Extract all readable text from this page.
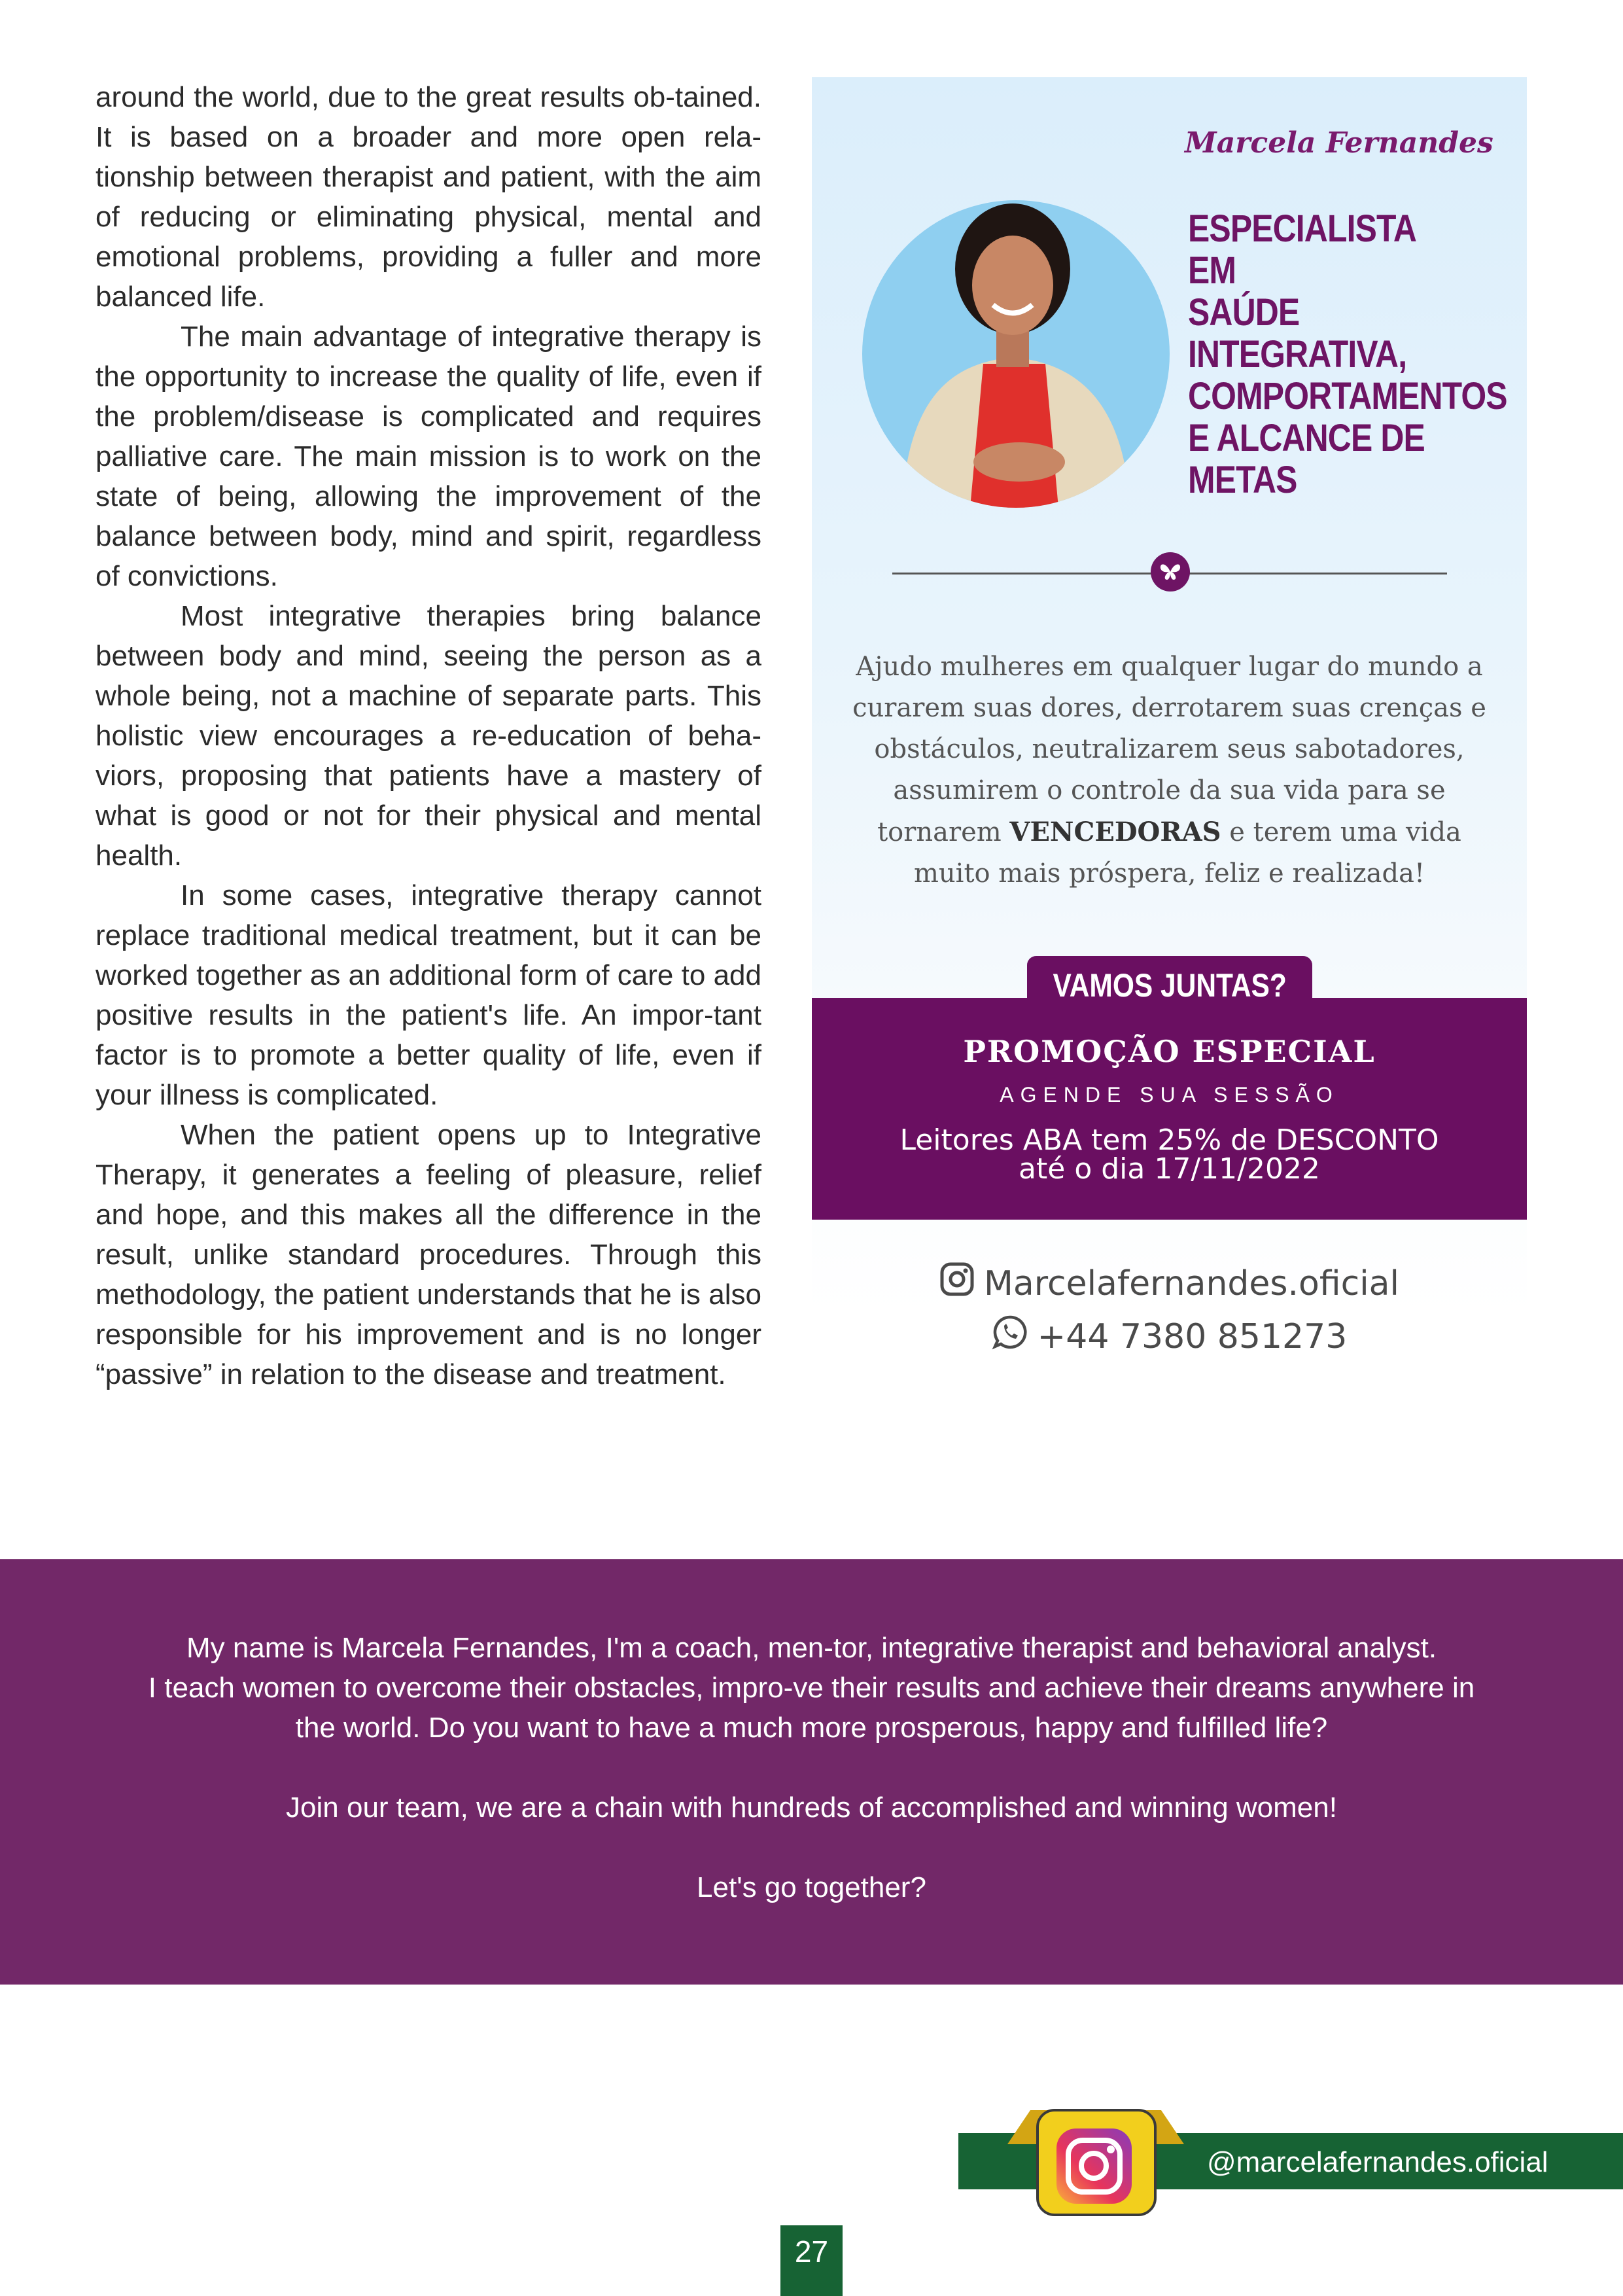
around the world, due to the great results ob-tained. It is based on a broader and more open rela-tionship between therapist and patient, with the aim of reducing or eliminating physical, mental and emotional problems, providing a fuller and more balanced life.

The main advantage of integrative therapy is the opportunity to increase the quality of life, even if the problem/disease is complicated and requires palliative care. The main mission is to work on the state of being, allowing the improvement of the balance between body, mind and spirit, regardless of convictions.

Most integrative therapies bring balance between body and mind, seeing the person as a whole being, not a machine of separate parts. This holistic view encourages a re-education of beha-viors, proposing that patients have a mastery of what is good or not for their physical and mental health.

In some cases, integrative therapy cannot replace traditional medical treatment, but it can be worked together as an additional form of care to add positive results in the patient's life. An impor-tant factor is to promote a better quality of life, even if your illness is complicated.

When the patient opens up to Integrative Therapy, it generates a feeling of pleasure, relief and hope, and this makes all the difference in the result, unlike standard procedures. Through this methodology, the patient understands that he is also responsible for his improvement and is no longer “passive” in relation to the disease and treatment.

Marcela Fernandes
ESPECIALISTA EM
SAÚDE INTEGRATIVA,
COMPORTAMENTOS
E ALCANCE DE METAS
Ajudo mulheres em qualquer lugar do mundo a curarem suas dores, derrotarem suas crenças e obstáculos, neutralizarem seus sabotadores, assumirem o controle da sua vida para se tornarem VENCEDORAS e terem uma vida muito mais próspera, feliz e realizada!
PROMOÇÃO ESPECIAL
AGENDE SUA SESSÃO
Leitores ABA tem 25% de DESCONTO
até o dia 17/11/2022
VAMOS JUNTAS?
Marcelafernandes.oficial
+44 7380 851273

My name is Marcela Fernandes, I'm a coach, men-tor, integrative therapist and behavioral analyst.

I teach women to overcome their obstacles, impro-ve their results and achieve their dreams anywhere in

the world. Do you want to have a much more prosperous, happy and fulfilled life?

Join our team, we are a chain with hundreds of accomplished and winning women!

Let's go together?

@marcelafernandes.oficial
27
